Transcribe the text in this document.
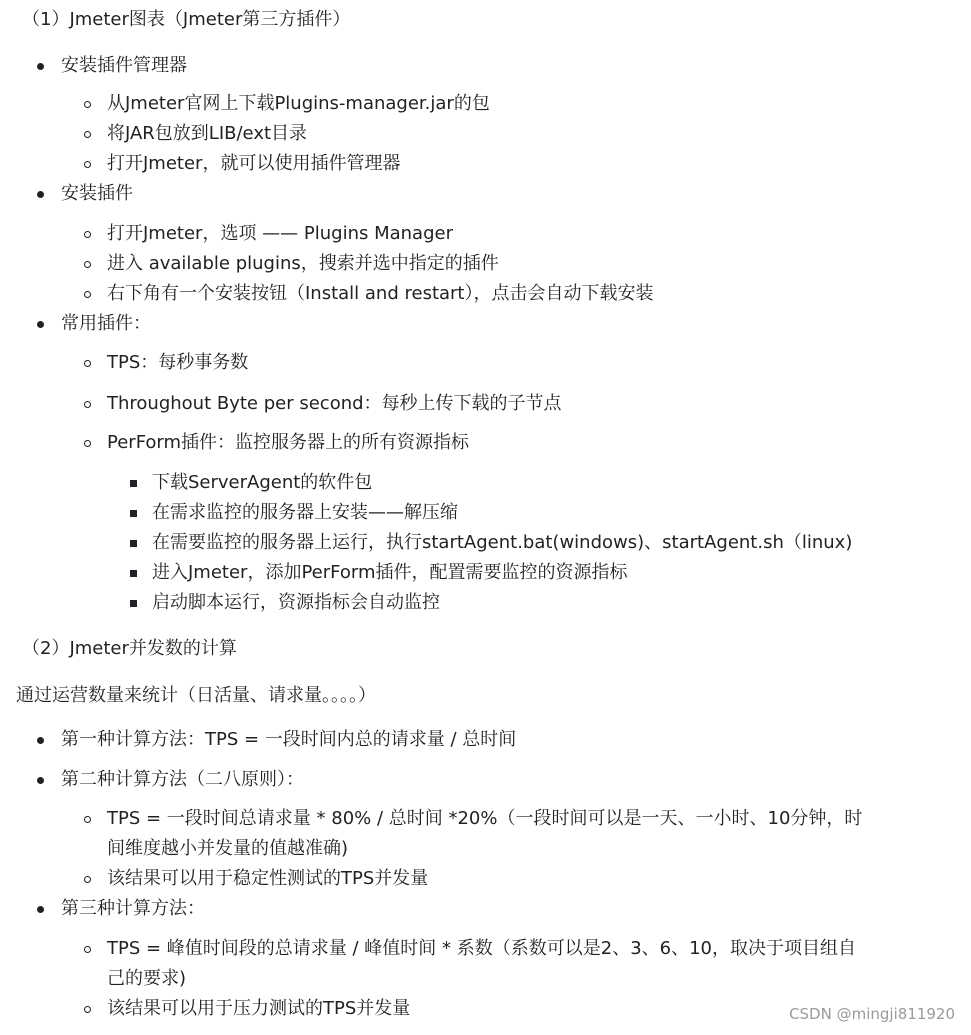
（1）Jmeter图表（Jmeter第三方插件）
安装插件管理器
从Jmeter官网上下载Plugins-manager.jar的包
将JAR包放到LIB/ext目录
打开Jmeter，就可以使用插件管理器
安装插件
打开Jmeter，选项 —— Plugins Manager
进入 available plugins，搜索并选中指定的插件
右下角有一个安装按钮（Install and restart），点击会自动下载安装
常用插件：
TPS：每秒事务数
Throughout Byte per second：每秒上传下载的子节点
PerForm插件：监控服务器上的所有资源指标
下载ServerAgent的软件包
在需求监控的服务器上安装——解压缩
在需要监控的服务器上运行，执行startAgent.bat(windows)、startAgent.sh（linux)
进入Jmeter，添加PerForm插件，配置需要监控的资源指标
启动脚本运行，资源指标会自动监控
（2）Jmeter并发数的计算
通过运营数量来统计（日活量、请求量。。。。）
第一种计算方法：TPS = 一段时间内总的请求量 / 总时间
第二种计算方法（二八原则）：
TPS = 一段时间总请求量 * 80% / 总时间 *20%（一段时间可以是一天、一小时、10分钟，时
间维度越小并发量的值越准确)
该结果可以用于稳定性测试的TPS并发量
第三种计算方法：
TPS = 峰值时间段的总请求量 / 峰值时间 * 系数（系数可以是2、3、6、10，取决于项目组自
己的要求)
该结果可以用于压力测试的TPS并发量	CSDN @mingji811920
